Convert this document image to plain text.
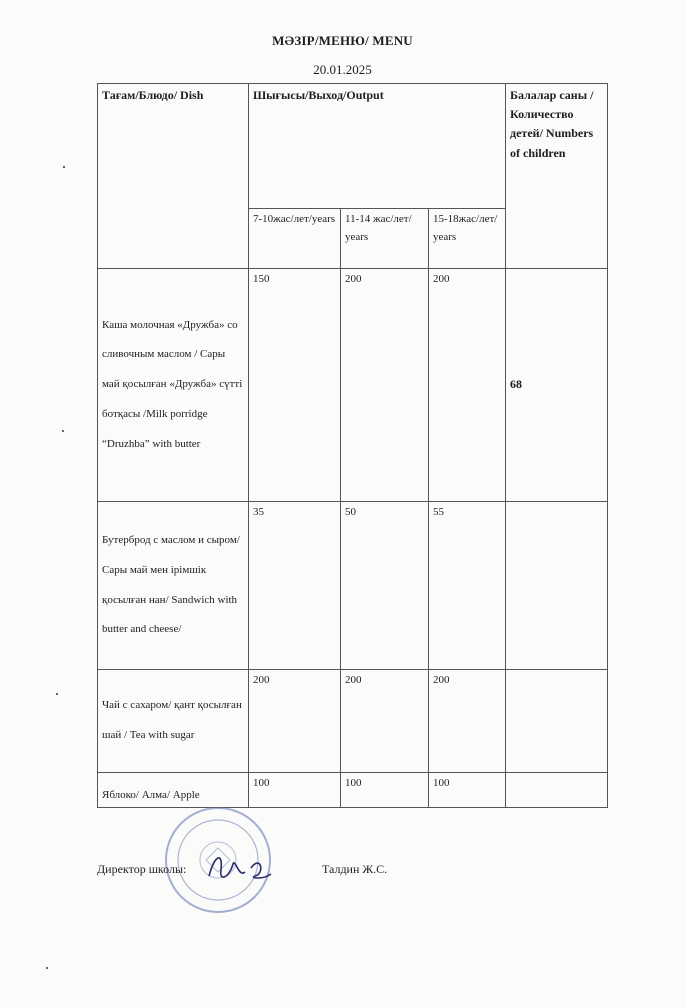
МӘЗІР/МЕНЮ/ MENU
20.01.2025
Тағам/Блюдо/ Dish	Шығысы/Выход/Output			Балалар саны /Количество детей/ Numbers of children
	7-10жас/лет/years	11-14 жас/лет/ years	15-18жас/лет/ years	
Каша молочная «Дружба» со сливочным маслом / Сары май қосылған «Дружба» сүтті ботқасы /Milk porridge “Druzhba” with butter	150	200	200	68
Бутерброд с маслом и сыром/ Сары май мен ірімшік қосылған нан/ Sandwich with butter and cheese/	35	50	55	
Чай с сахаром/ қант қосылған шай / Tea with sugar	200	200	200	
Яблоко/ Алма/ Apple	100	100	100	
Директор школы:	Талдин Ж.С.
